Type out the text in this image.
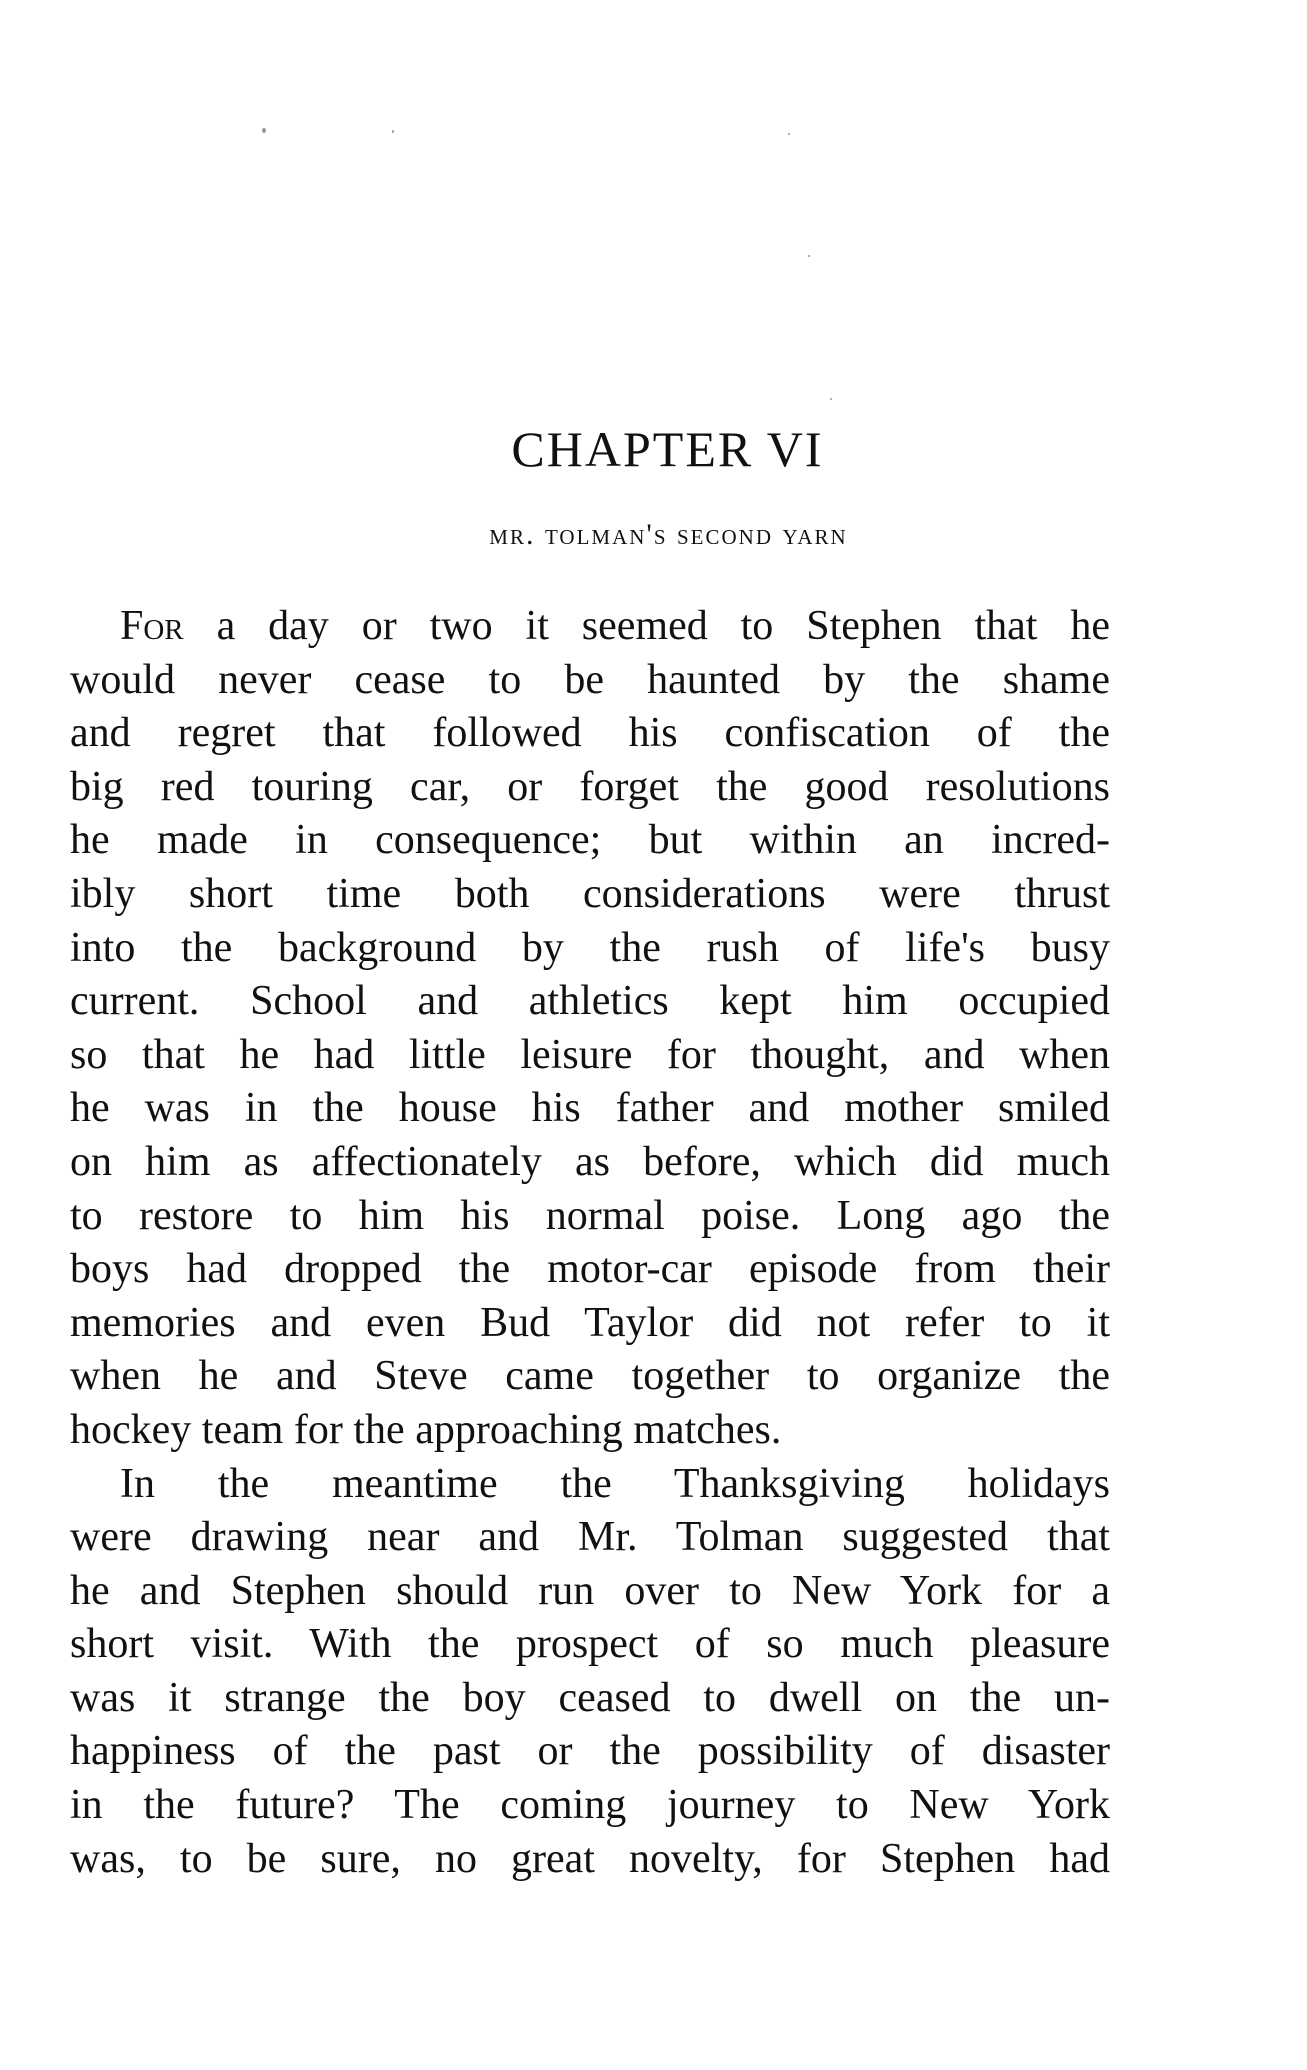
CHAPTER VI
mr. tolman's second yarn
For a day or two it seemed to Stephen that he
would never cease to be haunted by the shame
and regret that followed his confiscation of the
big red touring car, or forget the good resolutions
he made in consequence; but within an incred-
ibly short time both considerations were thrust
into the background by the rush of life's busy
current. School and athletics kept him occupied
so that he had little leisure for thought, and when
he was in the house his father and mother smiled
on him as affectionately as before, which did much
to restore to him his normal poise. Long ago the
boys had dropped the motor-car episode from their
memories and even Bud Taylor did not refer to it
when he and Steve came together to organize the
hockey team for the approaching matches.
In the meantime the Thanksgiving holidays
were drawing near and Mr. Tolman suggested that
he and Stephen should run over to New York for a
short visit. With the prospect of so much pleasure
was it strange the boy ceased to dwell on the un-
happiness of the past or the possibility of disaster
in the future? The coming journey to New York
was, to be sure, no great novelty, for Stephen had
